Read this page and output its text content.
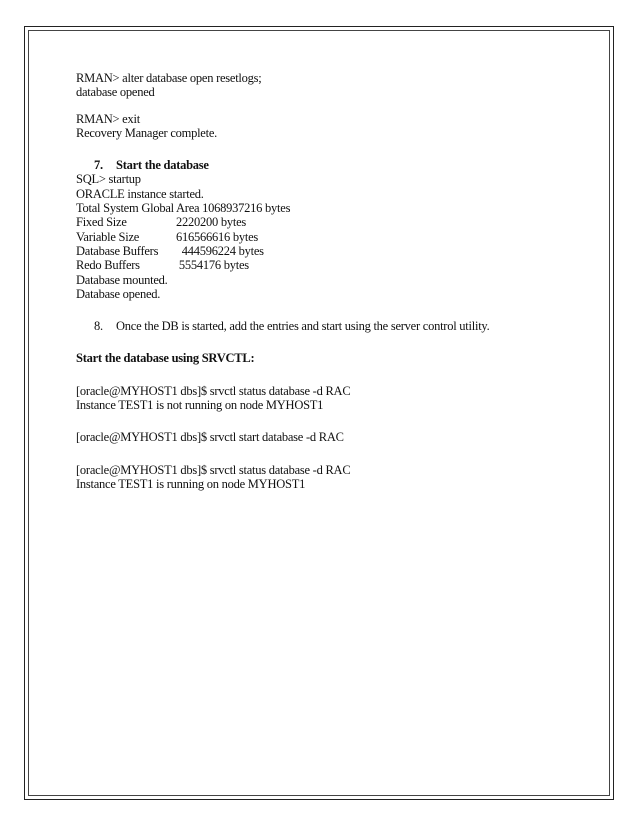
RMAN> alter database open resetlogs;
database opened
RMAN> exit
Recovery Manager complete.
7. Start the database
SQL> startup
ORACLE instance started.
Total System Global Area 1068937216 bytes
Fixed Size	2220200 bytes
Variable Size	616566616 bytes
Database Buffers	444596224 bytes
Redo Buffers	5554176 bytes
Database mounted.
Database opened.
8. Once the DB is started, add the entries and start using the server control utility.
Start the database using SRVCTL:
[oracle@MYHOST1 dbs]$ srvctl status database -d RAC
Instance TEST1 is not running on node MYHOST1
[oracle@MYHOST1 dbs]$ srvctl start database -d RAC
[oracle@MYHOST1 dbs]$ srvctl status database -d RAC
Instance TEST1 is running on node MYHOST1
